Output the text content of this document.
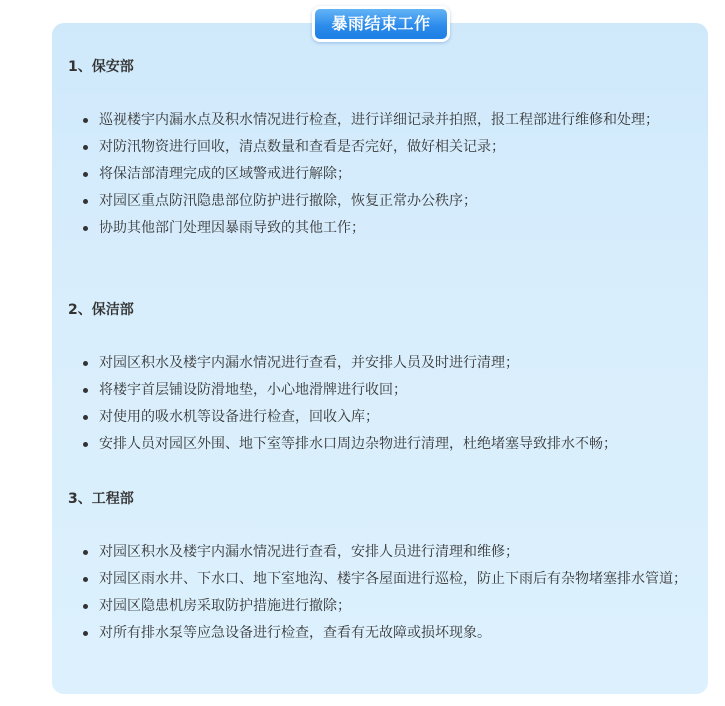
暴雨结束工作
1、保安部
巡视楼宇内漏水点及积水情况进行检查，进行详细记录并拍照，报工程部进行维修和处理；
对防汛物资进行回收，清点数量和查看是否完好，做好相关记录；
将保洁部清理完成的区域警戒进行解除；
对园区重点防汛隐患部位防护进行撤除，恢复正常办公秩序；
协助其他部门处理因暴雨导致的其他工作；
2、保洁部
对园区积水及楼宇内漏水情况进行查看，并安排人员及时进行清理；
将楼宇首层铺设防滑地垫，小心地滑牌进行收回；
对使用的吸水机等设备进行检查，回收入库；
安排人员对园区外围、地下室等排水口周边杂物进行清理，杜绝堵塞导致排水不畅；
3、工程部
对园区积水及楼宇内漏水情况进行查看，安排人员进行清理和维修；
对园区雨水井、下水口、地下室地沟、楼宇各屋面进行巡检，防止下雨后有杂物堵塞排水管道；
对园区隐患机房采取防护措施进行撤除；
对所有排水泵等应急设备进行检查，查看有无故障或损坏现象。
